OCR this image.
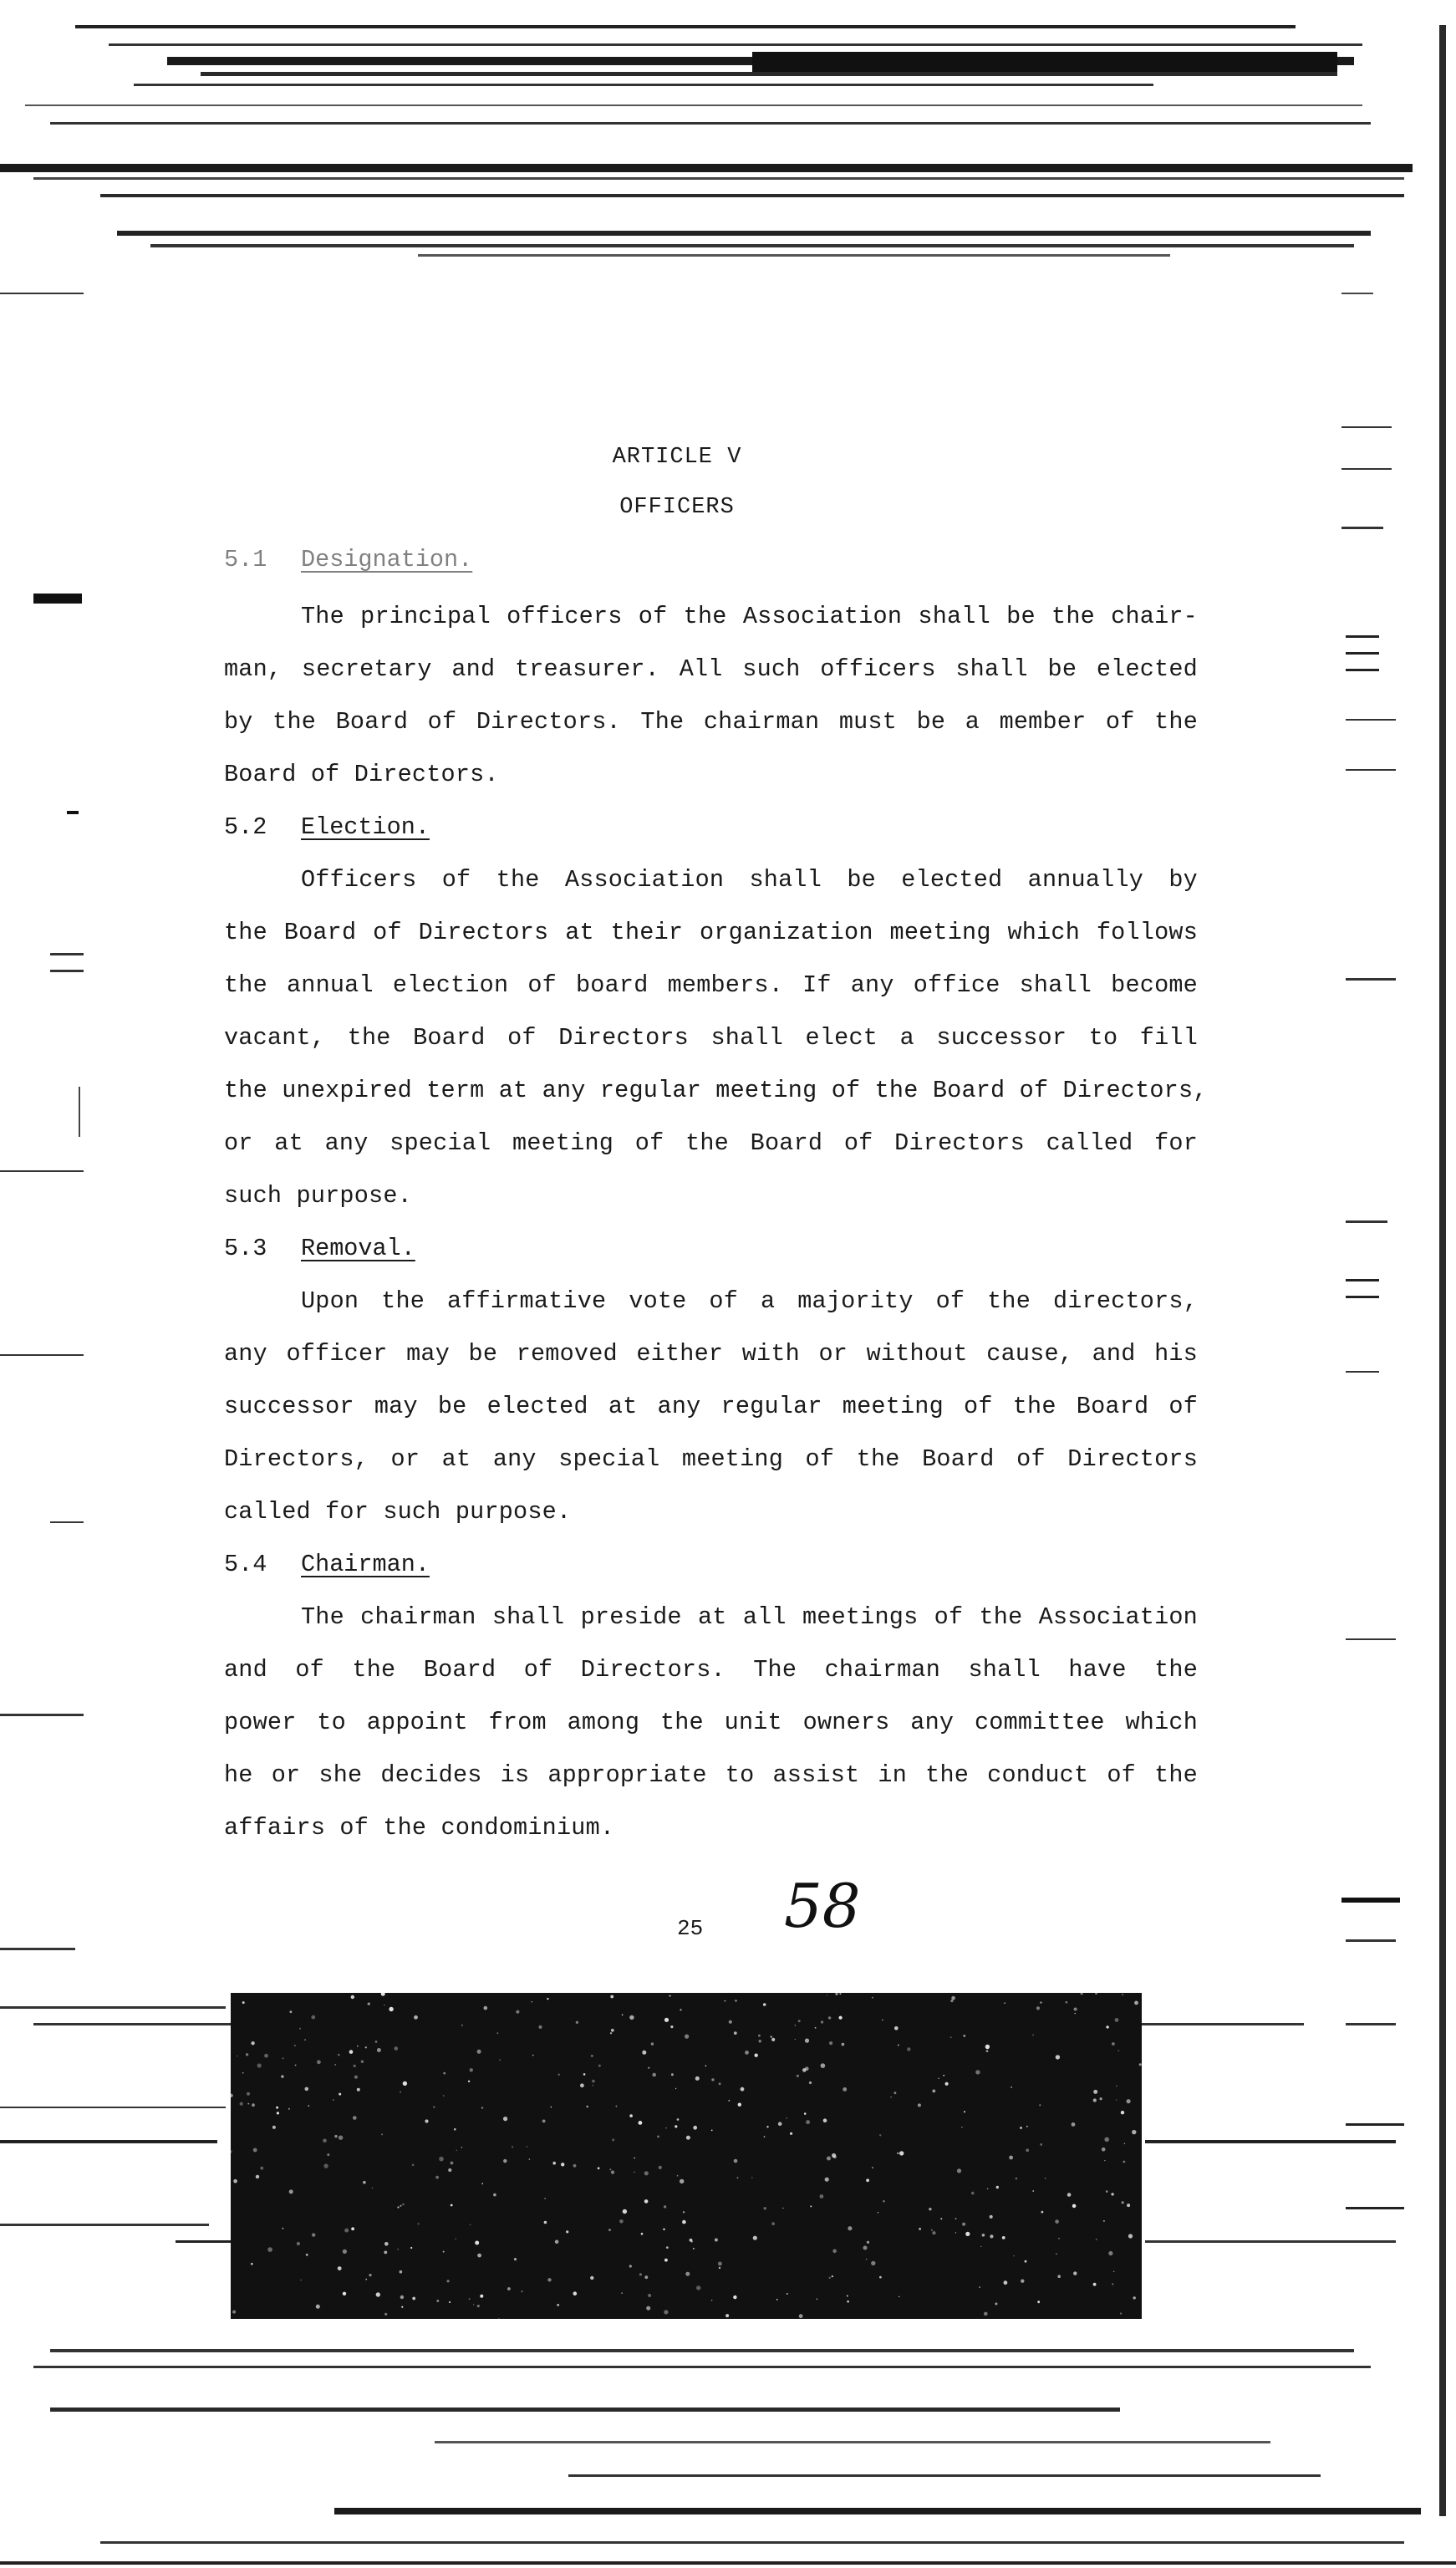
ARTICLE V
OFFICERS
5.1 Designation.
The principal officers of the Association shall be the chair-
man, secretary and treasurer. All such officers shall be elected
by the Board of Directors. The chairman must be a member of the
Board of Directors.
5.2 Election.
Officers of the Association shall be elected annually by
the Board of Directors at their organization meeting which follows
the annual election of board members. If any office shall become
vacant, the Board of Directors shall elect a successor to fill
the unexpired term at any regular meeting of the Board of Directors,
or at any special meeting of the Board of Directors called for
such purpose.
5.3 Removal.
Upon the affirmative vote of a majority of the directors,
any officer may be removed either with or without cause, and his
successor may be elected at any regular meeting of the Board of
Directors, or at any special meeting of the Board of Directors
called for such purpose.
5.4 Chairman.
The chairman shall preside at all meetings of the Association
and of the Board of Directors. The chairman shall have the
power to appoint from among the unit owners any committee which
he or she decides is appropriate to assist in the conduct of the
affairs of the condominium.
25 58
